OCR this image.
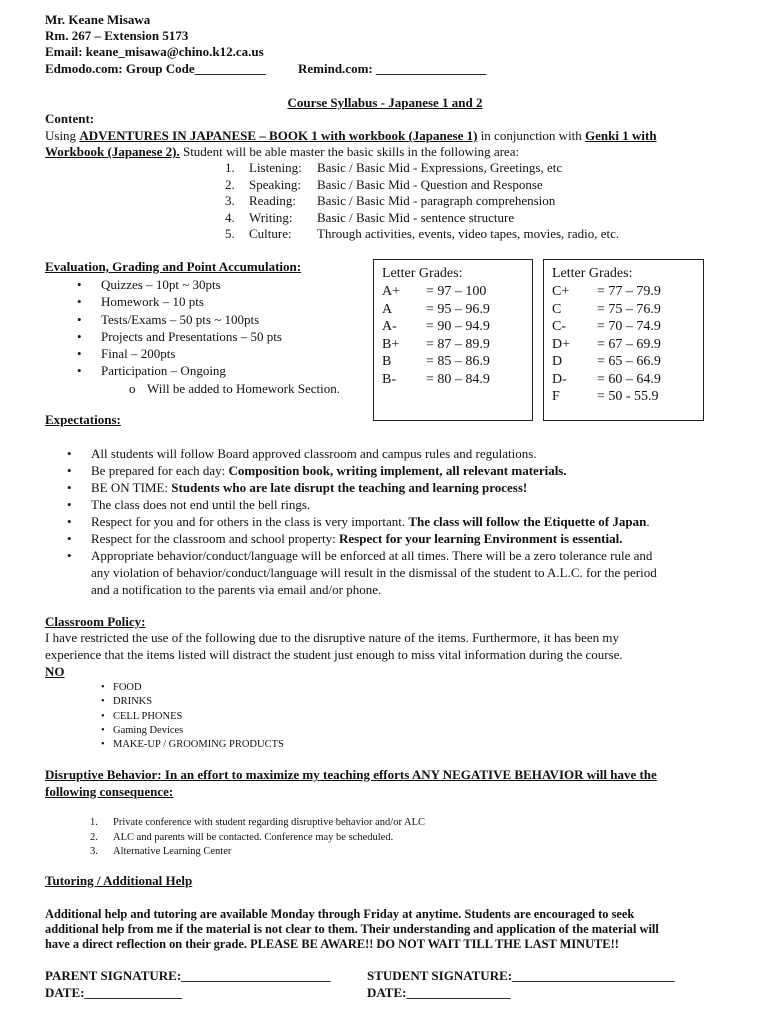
Mr. Keane Misawa
Rm. 267 – Extension 5173
Email: keane_misawa@chino.k12.ca.us
Edmodo.com: Group Code___________ Remind.com: _________________
Course Syllabus - Japanese 1 and 2
Content:
Using ADVENTURES IN JAPANESE – BOOK 1 with workbook (Japanese 1) in conjunction with Genki 1 with
Workbook (Japanese 2). Student will be able master the basic skills in the following area:
1. Listening: Basic / Basic Mid - Expressions, Greetings, etc
2. Speaking: Basic / Basic Mid - Question and Response
3. Reading: Basic / Basic Mid - paragraph comprehension
4. Writing: Basic / Basic Mid - sentence structure
5. Culture: Through activities, events, video tapes, movies, radio, etc.
Evaluation, Grading and Point Accumulation:
• Quizzes – 10pt ~ 30pts
• Homework – 10 pts
• Tests/Exams – 50 pts ~ 100pts
• Projects and Presentations – 50 pts
• Final – 200pts
• Participation – Ongoing
o Will be added to Homework Section.
Letter Grades:
A+ = 97 – 100
A = 95 – 96.9
A- = 90 – 94.9
B+ = 87 – 89.9
B = 85 – 86.9
B- = 80 – 84.9
Letter Grades:
C+ = 77 – 79.9
C	= 75 – 76.9
C- = 70 – 74.9
D+ = 67 – 69.9
D = 65 – 66.9
D- = 60 – 64.9
F	= 50 - 55.9
Expectations:
• All students will follow Board approved classroom and campus rules and regulations.
• Be prepared for each day: Composition book, writing implement, all relevant materials.
• BE ON TIME: Students who are late disrupt the teaching and learning process!
• The class does not end until the bell rings.
• Respect for you and for others in the class is very important. The class will follow the Etiquette of Japan.
• Respect for the classroom and school property: Respect for your learning Environment is essential.
• Appropriate behavior/conduct/language will be enforced at all times. There will be a zero tolerance rule and
any violation of behavior/conduct/language will result in the dismissal of the student to A.L.C. for the period
and a notification to the parents via email and/or phone.
Classroom Policy:
I have restricted the use of the following due to the disruptive nature of the items. Furthermore, it has been my
experience that the items listed will distract the student just enough to miss vital information during the course.
NO
• FOOD
• DRINKS
• CELL PHONES
• Gaming Devices
• MAKE-UP / GROOMING PRODUCTS
Disruptive Behavior: In an effort to maximize my teaching efforts ANY NEGATIVE BEHAVIOR will have the
following consequence:
1. Private conference with student regarding disruptive behavior and/or ALC
2. ALC and parents will be contacted. Conference may be scheduled.
3. Alternative Learning Center
Tutoring / Additional Help
Additional help and tutoring are available Monday through Friday at anytime. Students are encouraged to seek
additional help from me if the material is not clear to them. Their understanding and application of the material will
have a direct reflection on their grade. PLEASE BE AWARE!! DO NOT WAIT TILL THE LAST MINUTE!!
PARENT SIGNATURE:_______________________
DATE:_______________
STUDENT SIGNATURE:_________________________
DATE:________________
